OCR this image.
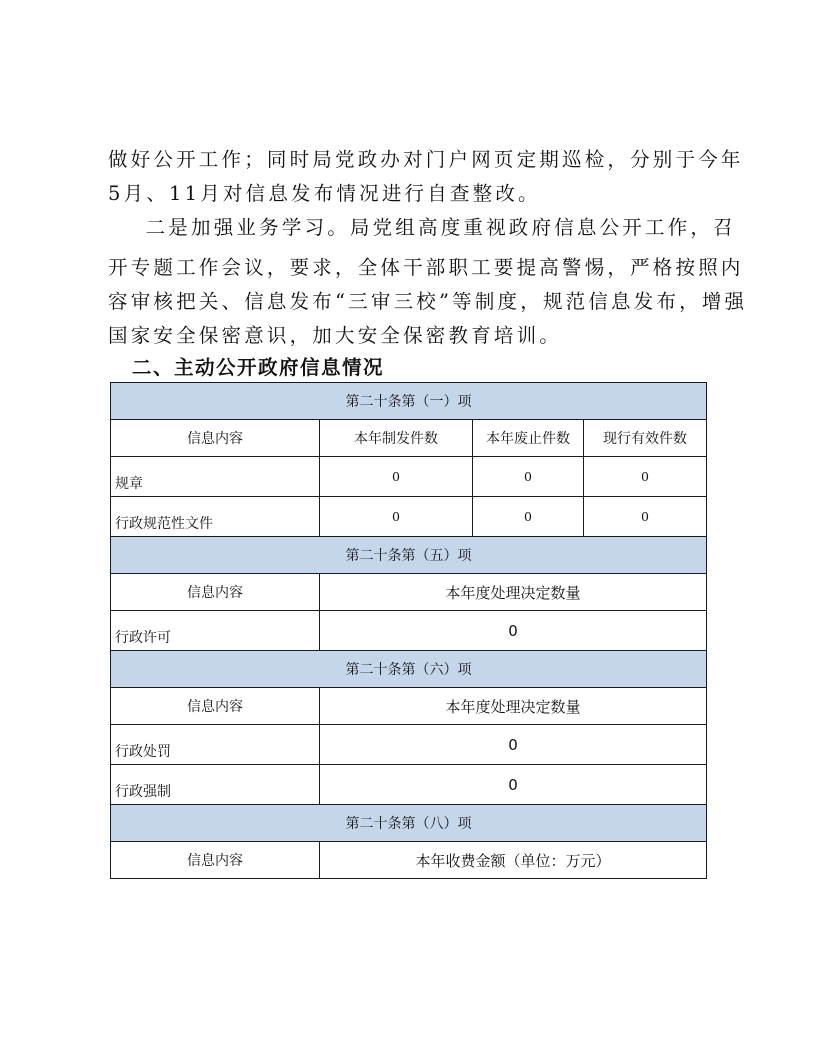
做好公开工作；同时局党政办对门户网页定期巡检，分别于今年
5月、11月对信息发布情况进行自查整改。
二是加强业务学习。局党组高度重视政府信息公开工作，召
开专题工作会议，要求，全体干部职工要提高警惕，严格按照内
容审核把关、信息发布“三审三校”等制度，规范信息发布，增强
国家安全保密意识，加大安全保密教育培训。
二、主动公开政府信息情况
第二十条第（一）项			
信息内容	本年制发件数	本年废止件数	现行有效件数
规章	0	0	0
行政规范性文件	0	0	0
第二十条第（五）项			
信息内容	本年度处理决定数量		
行政许可	0		
第二十条第（六）项			
信息内容	本年度处理决定数量		
行政处罚	0		
行政强制	0		
第二十条第（八）项			
信息内容	本年收费金额（单位：万元）		
